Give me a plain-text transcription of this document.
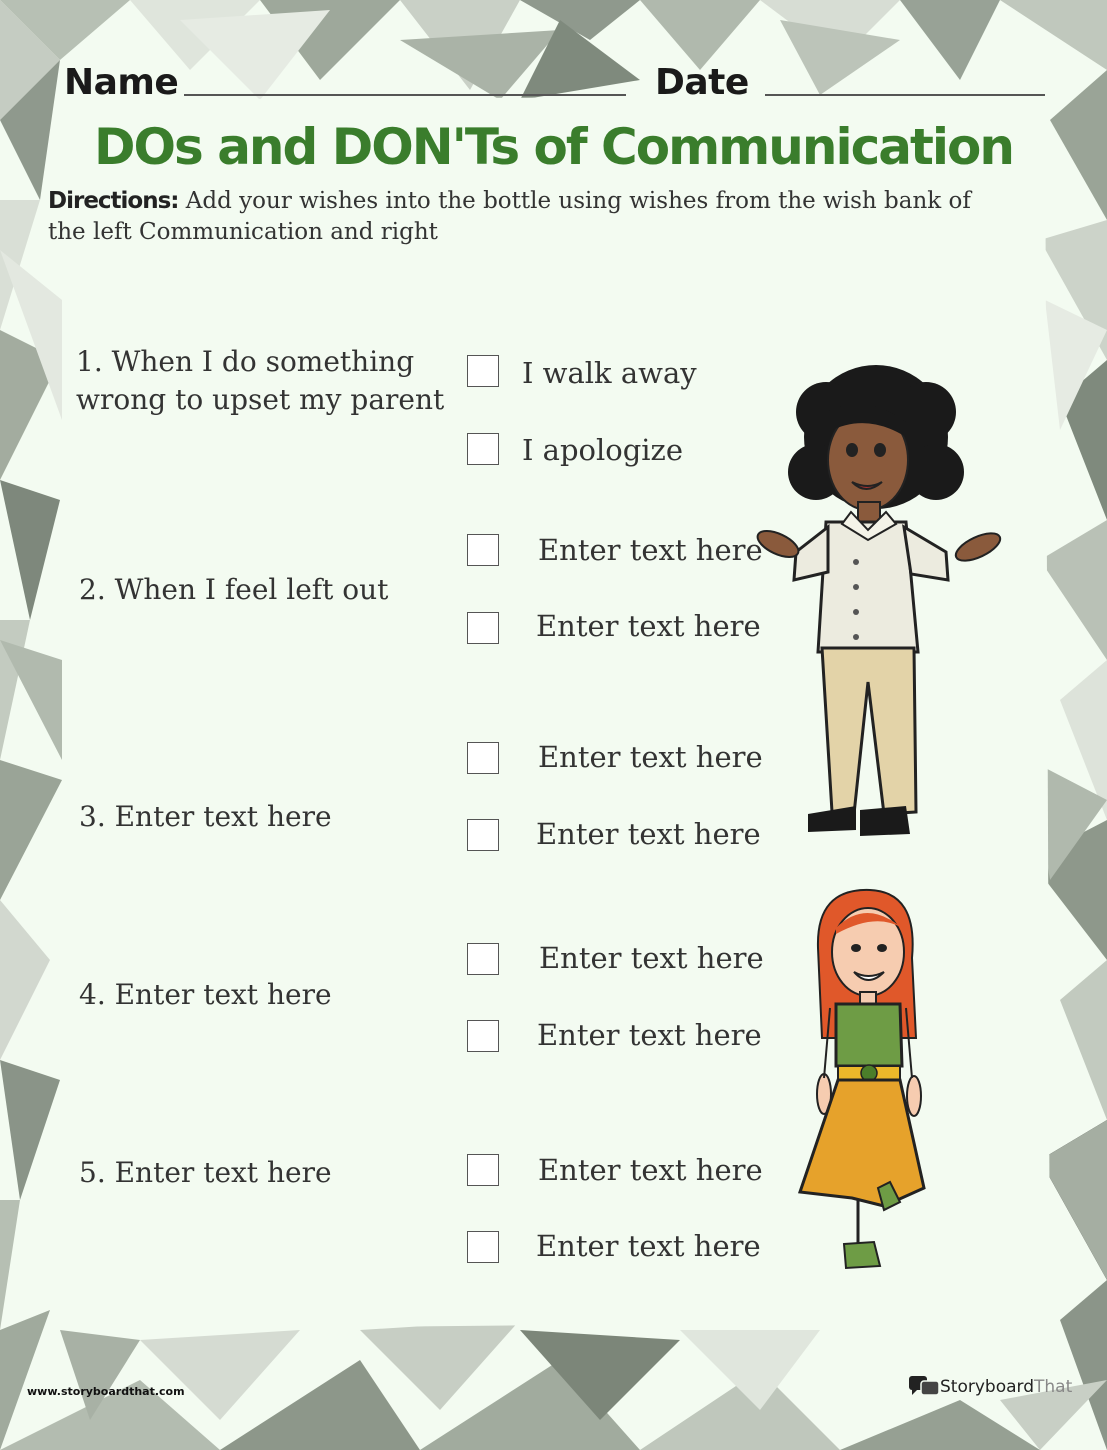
Name	Date
DOs and DON'Ts of Communication
Directions: Add your wishes into the bottle using wishes from the wish bank of the left Communication and right
1. When I do something wrong to upset my parent
2. When I feel left out
3. Enter text here
4. Enter text here
5. Enter text here
I walk away
I apologize
Enter text here
Enter text here
Enter text here
Enter text here
Enter text here
Enter text here
Enter text here
Enter text here
www.storyboardthat.com	StoryboardThat
